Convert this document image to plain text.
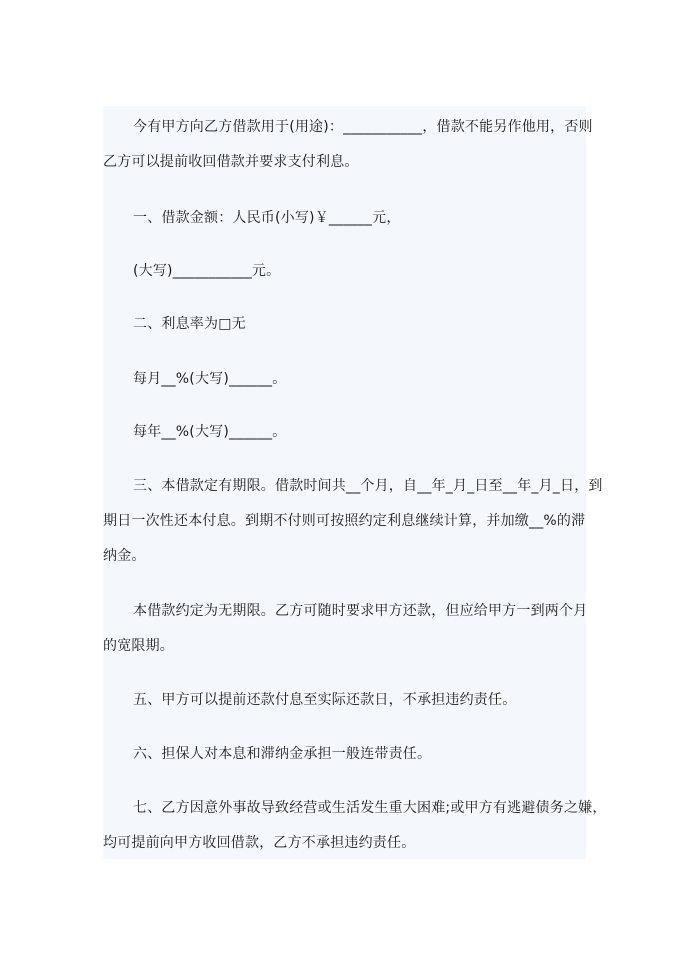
今有甲方向乙方借款用于(用途)：___________，借款不能另作他用，否则
乙方可以提前收回借款并要求支付利息。
一、借款金额：人民币(小写)￥______元，
(大写)___________元。
二、利息率为□无
每月__%(大写)______。
每年__%(大写)______。
三、本借款定有期限。借款时间共__个月，自__年_月_日至__年_月_日，到
期日一次性还本付息。到期不付则可按照约定利息继续计算，并加缴__%的滞
纳金。
本借款约定为无期限。乙方可随时要求甲方还款，但应给甲方一到两个月
的宽限期。
五、甲方可以提前还款付息至实际还款日，不承担违约责任。
六、担保人对本息和滞纳金承担一般连带责任。
七、乙方因意外事故导致经营或生活发生重大困难;或甲方有逃避债务之嫌，
均可提前向甲方收回借款，乙方不承担违约责任。
